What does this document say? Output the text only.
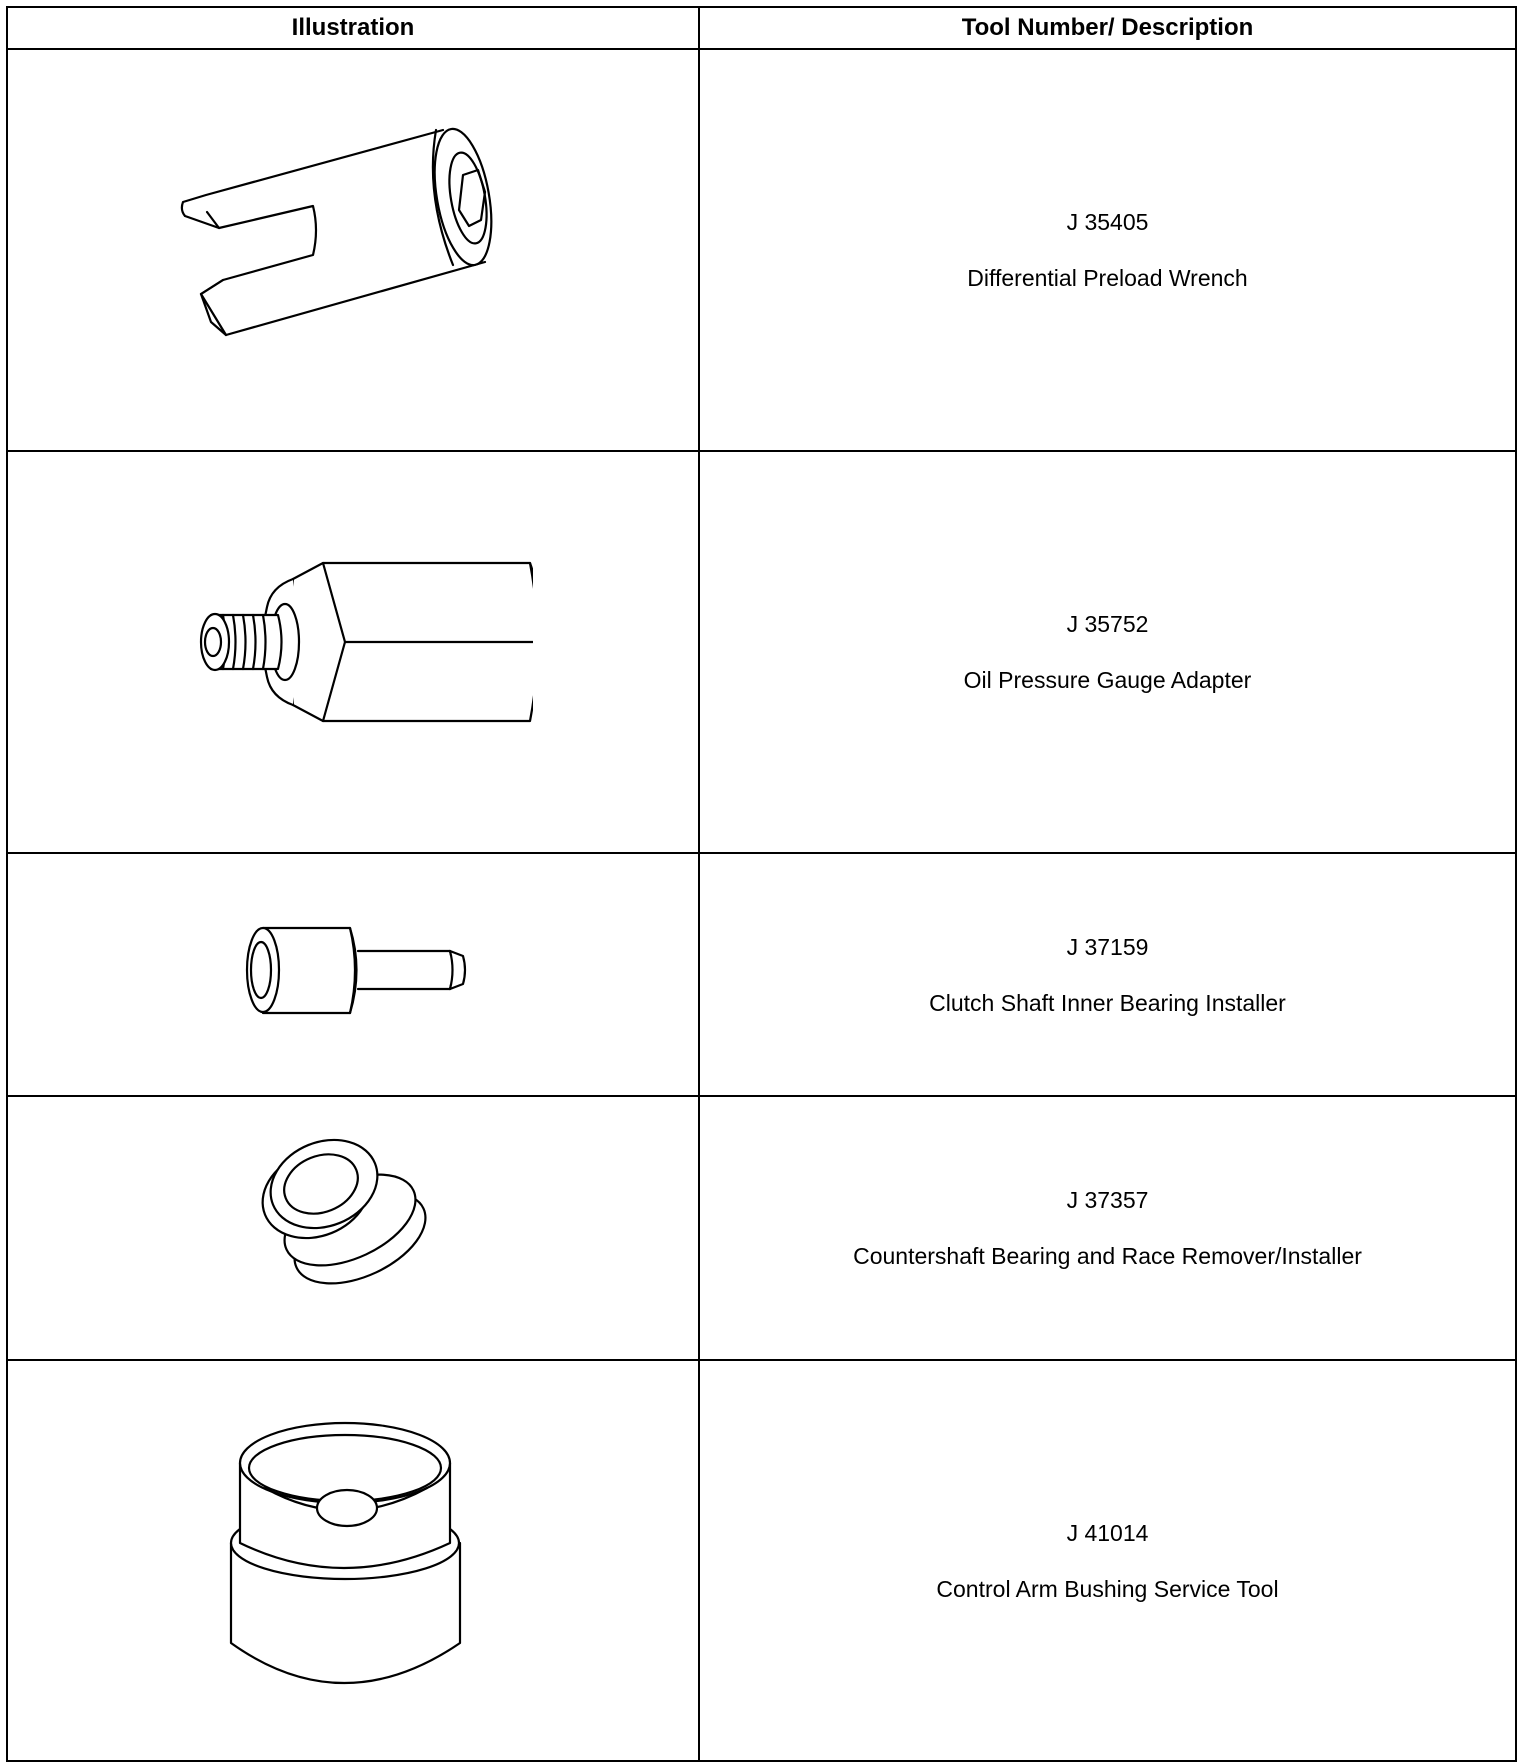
Illustration	Tool Number/ Description

J 35405
Differential Preload Wrench

J 35752
Oil Pressure Gauge Adapter

J 37159
Clutch Shaft Inner Bearing Installer

J 37357
Countershaft Bearing and Race Remover/Installer

J 41014
Control Arm Bushing Service Tool
